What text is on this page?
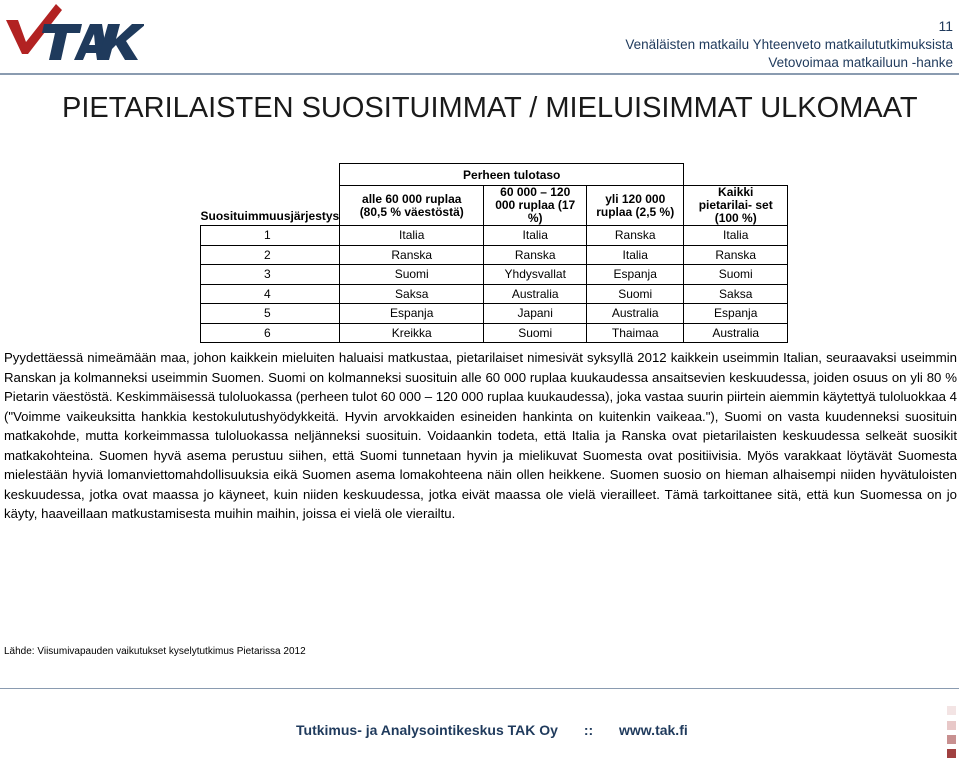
TAK
11
Venäläisten matkailu Yhteenveto matkailututkimuksista
Vetovoimaa matkailuun -hanke
PIETARILAISTEN SUOSITUIMMAT / MIELUISIMMAT ULKOMAAT
	Perheen tulotaso			
Suosituimmuusjärjestys	alle 60 000 ruplaa (80,5 % väestöstä)	60 000 – 120 000 ruplaa (17 %)	yli 120 000 ruplaa (2,5 %)	Kaikki pietarilai- set (100 %)
1	Italia	Italia	Ranska	Italia
2	Ranska	Ranska	Italia	Ranska
3	Suomi	Yhdysvallat	Espanja	Suomi
4	Saksa	Australia	Suomi	Saksa
5	Espanja	Japani	Australia	Espanja
6	Kreikka	Suomi	Thaimaa	Australia

Pyydettäessä nimeämään maa, johon kaikkein mieluiten haluaisi matkustaa, pietarilaiset nimesivät syksyllä 2012 kaikkein useimmin Italian, seuraavaksi useimmin Ranskan ja kolmanneksi useimmin Suomen. Suomi on kolmanneksi suosituin alle 60 000 ruplaa kuukaudessa ansaitsevien keskuudessa, joiden osuus on yli 80 % Pietarin väestöstä. Keskimmäisessä tuloluokassa (perheen tulot 60 000 – 120 000 ruplaa kuukaudessa), joka vastaa suurin piirtein aiemmin käytettyä tuloluokkaa 4 ("Voimme vaikeuksitta hankkia kestokulutushyödykkeitä. Hyvin arvokkaiden esineiden hankinta on kuitenkin vaikeaa."), Suomi on vasta kuudenneksi suosituin matkakohde, mutta korkeimmassa tuloluokassa neljänneksi suosituin. Voidaankin todeta, että Italia ja Ranska ovat pietarilaisten keskuudessa selkeät suosikit matkakohteina. Suomen hyvä asema perustuu siihen, että Suomi tunnetaan hyvin ja mielikuvat Suomesta ovat positiivisia. Myös varakkaat löytävät Suomesta mielestään hyviä lomanviettomahdollisuuksia eikä Suomen asema lomakohteena näin ollen heikkene. Suomen suosio on hieman alhaisempi niiden hyvätuloisten keskuudessa, jotka ovat maassa jo käyneet, kuin niiden keskuudessa, jotka eivät maassa ole vielä vierailleet. Tämä tarkoittanee sitä, että kun Suomessa on jo käyty, haaveillaan matkustamisesta muihin maihin, joissa ei vielä ole vierailtu.

Lähde: Viisumivapauden vaikutukset kyselytutkimus Pietarissa 2012
Tutkimus- ja Analysointikeskus TAK Oy :: www.tak.fi
